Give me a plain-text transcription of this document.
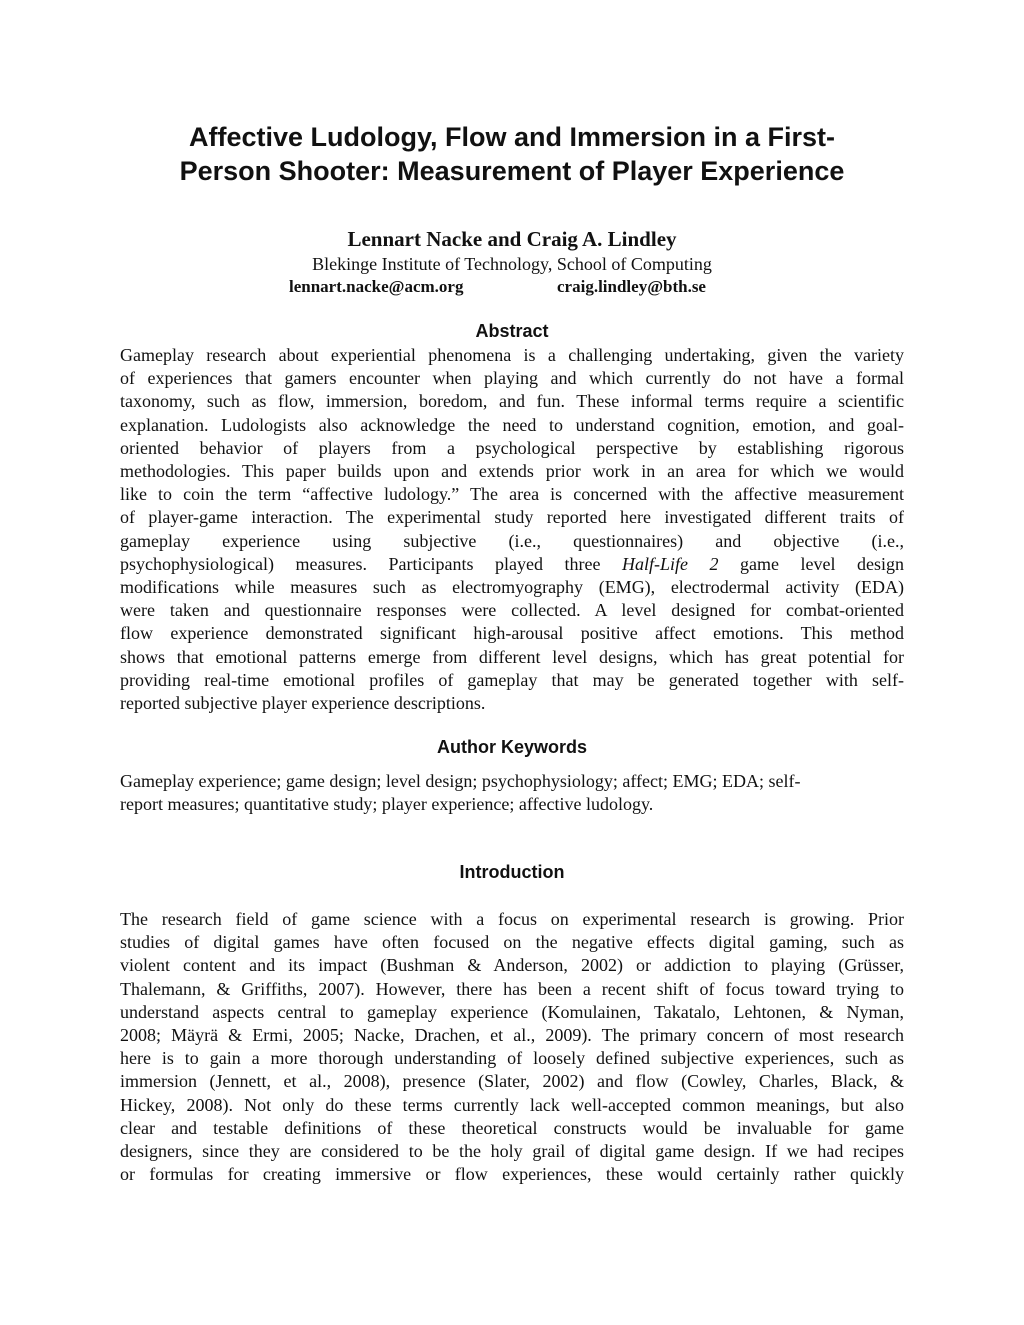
Affective Ludology, Flow and Immersion in a First-
Person Shooter: Measurement of Player Experience
Lennart Nacke and Craig A. Lindley
Blekinge Institute of Technology, School of Computing
lennart.nacke@acm.org	craig.lindley@bth.se
Abstract
Gameplay research about experiential phenomena is a challenging undertaking, given the variety
of experiences that gamers encounter when playing and which currently do not have a formal
taxonomy, such as flow, immersion, boredom, and fun. These informal terms require a scientific
explanation. Ludologists also acknowledge the need to understand cognition, emotion, and goal-
oriented behavior of players from a psychological perspective by establishing rigorous
methodologies. This paper builds upon and extends prior work in an area for which we would
like to coin the term “affective ludology.” The area is concerned with the affective measurement
of player-game interaction. The experimental study reported here investigated different traits of
gameplay experience using subjective (i.e., questionnaires) and objective (i.e.,
psychophysiological) measures. Participants played three Half-Life 2 game level design
modifications while measures such as electromyography (EMG), electrodermal activity (EDA)
were taken and questionnaire responses were collected. A level designed for combat-oriented
flow experience demonstrated significant high-arousal positive affect emotions. This method
shows that emotional patterns emerge from different level designs, which has great potential for
providing real-time emotional profiles of gameplay that may be generated together with self-
reported subjective player experience descriptions.
Author Keywords
Gameplay experience; game design; level design; psychophysiology; affect; EMG; EDA; self-
report measures; quantitative study; player experience; affective ludology.
Introduction
The research field of game science with a focus on experimental research is growing. Prior
studies of digital games have often focused on the negative effects digital gaming, such as
violent content and its impact (Bushman & Anderson, 2002) or addiction to playing (Grüsser,
Thalemann, & Griffiths, 2007). However, there has been a recent shift of focus toward trying to
understand aspects central to gameplay experience (Komulainen, Takatalo, Lehtonen, & Nyman,
2008; Mäyrä & Ermi, 2005; Nacke, Drachen, et al., 2009). The primary concern of most research
here is to gain a more thorough understanding of loosely defined subjective experiences, such as
immersion (Jennett, et al., 2008), presence (Slater, 2002) and flow (Cowley, Charles, Black, &
Hickey, 2008). Not only do these terms currently lack well-accepted common meanings, but also
clear and testable definitions of these theoretical constructs would be invaluable for game
designers, since they are considered to be the holy grail of digital game design. If we had recipes
or formulas for creating immersive or flow experiences, these would certainly rather quickly
